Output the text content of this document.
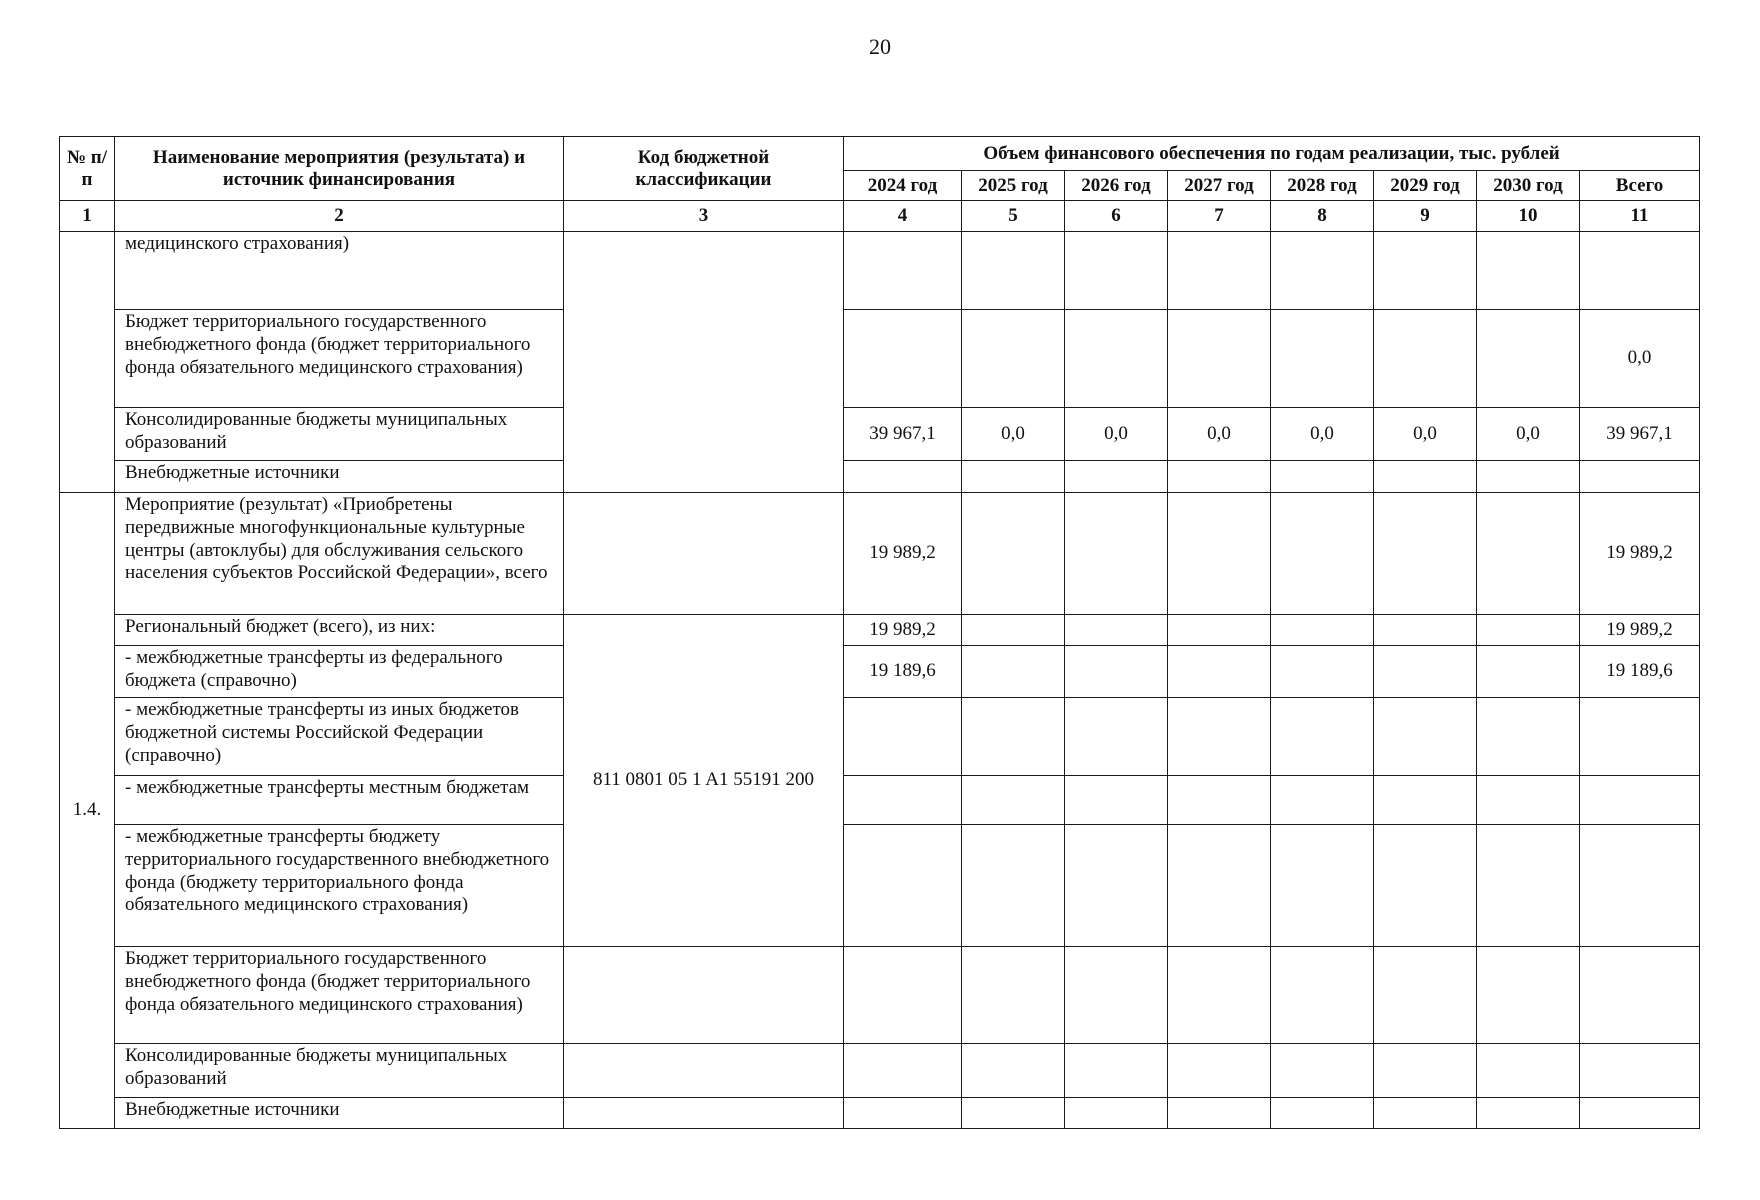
20
№ п/п	Наименование мероприятия (результата) и источник финансирования	Код бюджетной классификации	Объем финансового обеспечения по годам реализации, тыс. рублей							
			2024 год	2025 год	2026 год	2027 год	2028 год	2029 год	2030 год	Всего
1	2	3	4	5	6	7	8	9	10	11
	медицинского страхования)									
	Бюджет территориального государственного внебюджетного фонда (бюджет территориального фонда обязательного медицинского страхования)									0,0
	Консолидированные бюджеты муниципальных образований		39 967,1	0,0	0,0	0,0	0,0	0,0	0,0	39 967,1
	Внебюджетные источники									
1.4.	Мероприятие (результат) «Приобретены передвижные многофункциональные культурные центры (автоклубы) для обслуживания сельского населения субъектов Российской Федерации», всего		19 989,2							19 989,2
	Региональный бюджет (всего), из них:	811 0801 05 1 A1 55191 200	19 989,2							19 989,2
	- межбюджетные трансферты из федерального бюджета (справочно)		19 189,6							19 189,6
	- межбюджетные трансферты из иных бюджетов бюджетной системы Российской Федерации (справочно)									
	- межбюджетные трансферты местным бюджетам									
	- межбюджетные трансферты бюджету территориального государственного внебюджетного фонда (бюджету территориального фонда обязательного медицинского страхования)									
	Бюджет территориального государственного внебюджетного фонда (бюджет территориального фонда обязательного медицинского страхования)									
	Консолидированные бюджеты муниципальных образований									
	Внебюджетные источники									
